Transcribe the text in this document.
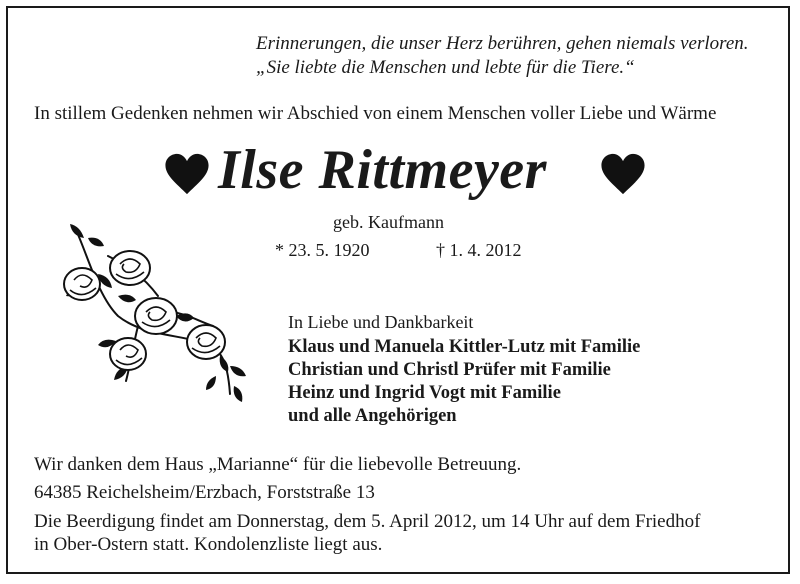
Erinnerungen, die unser Herz berühren, gehen niemals verloren.
„Sie liebte die Menschen und lebte für die Tiere.“
In stillem Gedenken nehmen wir Abschied von einem Menschen voller Liebe und Wärme
Ilse Rittmeyer
geb. Kaufmann
* 23. 5. 1920	† 1. 4. 2012
In Liebe und Dankbarkeit
Klaus und Manuela Kittler-Lutz mit Familie
Christian und Christl Prüfer mit Familie
Heinz und Ingrid Vogt mit Familie
und alle Angehörigen
Wir danken dem Haus „Marianne“ für die liebevolle Betreuung.
64385 Reichelsheim/Erzbach, Forststraße 13
Die Beerdigung findet am Donnerstag, dem 5. April 2012, um 14 Uhr auf dem Friedhof
in Ober-Ostern statt. Kondolenzliste liegt aus.
